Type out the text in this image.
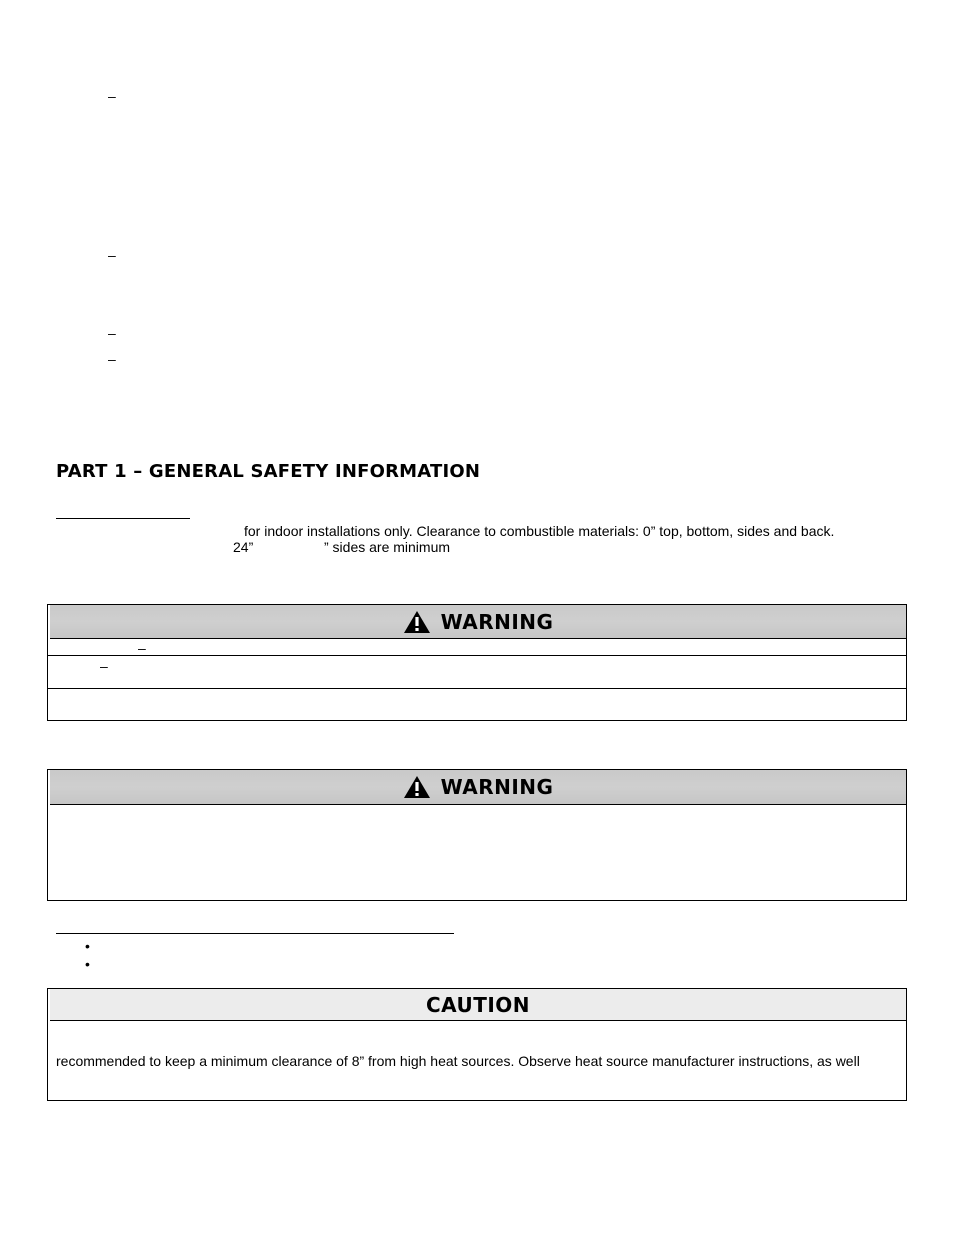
–
–
–
–
PART 1 – GENERAL SAFETY INFORMATION
for indoor installations only. Clearance to combustible materials: 0” top, bottom, sides and back.
24”	” sides are minimum
WARNING
–
–
WARNING
•
•
CAUTION
recommended to keep a minimum clearance of 8” from high heat sources. Observe heat source manufacturer instructions, as well
